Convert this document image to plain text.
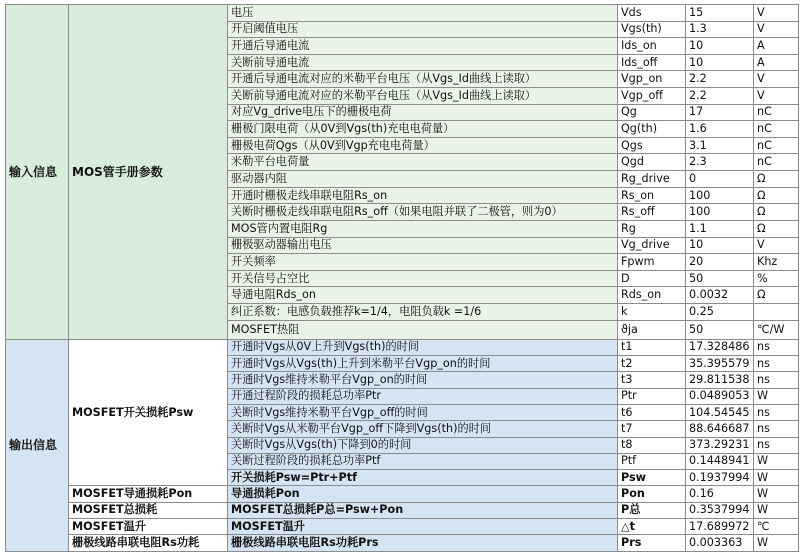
输入信息	MOS管手册参数	电压	Vds	15	V
		开启阈值电压	Vgs(th)	1.3	V
		开通后导通电流	Ids_on	10	A
		关断前导通电流	Ids_off	10	A
		开通后导通电流对应的米勒平台电压（从Vgs_Id曲线上读取）	Vgp_on	2.2	V
		关断前导通电流对应的米勒平台电压（从Vgs_Id曲线上读取）	Vgp_off	2.2	V
		对应Vg_drive电压下的栅极电荷	Qg	17	nC
		栅极门限电荷（从0V到Vgs(th)充电电荷量）	Qg(th)	1.6	nC
		栅极电荷Qgs（从0V到Vgp充电电荷量）	Qgs	3.1	nC
		米勒平台电荷量	Qgd	2.3	nC
		驱动器内阻	Rg_drive	0	Ω
		开通时栅极走线串联电阻Rs_on	Rs_on	100	Ω
		关断时栅极走线串联电阻Rs_off（如果电阻并联了二极管，则为0）	Rs_off	100	Ω
		MOS管内置电阻Rg	Rg	1.1	Ω
		栅极驱动器输出电压	Vg_drive	10	V
		开关频率	Fpwm	20	Khz
		开关信号占空比	D	50	%
		导通电阻Rds_on	Rds_on	0.0032	Ω
		纠正系数：电感负载推荐k=1/4，电阻负载k =1/6	k	0.25	
		MOSFET热阻	ϑja	50	℃/W
输出信息	MOSFET开关损耗Psw	开通时Vgs从0V上升到Vgs(th)的时间	t1	17.328486	ns
		开通时Vgs从Vgs(th)上升到米勒平台Vgp_on的时间	t2	35.395579	ns
		开通时Vgs维持米勒平台Vgp_on的时间	t3	29.811538	ns
		开通过程阶段的损耗总功率Ptr	Ptr	0.0489053	W
		关断时Vgs维持米勒平台Vgp_off的时间	t6	104.54545	ns
		关断时Vgs从米勒平台Vgp_off下降到Vgs(th)的时间	t7	88.646687	ns
		关断时Vgs从Vgs(th)下降到0的时间	t8	373.29231	ns
		关断过程阶段的损耗总功率Ptf	Ptf	0.1448941	W
		开关损耗Psw=Ptr+Ptf	Psw	0.1937994	W
	MOSFET导通损耗Pon	导通损耗Pon	Pon	0.16	W
	MOSFET总损耗	MOSFET总损耗P总=Psw+Pon	P总	0.3537994	W
	MOSFET温升	MOSFET温升	△t	17.689972	℃
	栅极线路串联电阻Rs功耗	栅极线路串联电阻Rs功耗Prs	Prs	0.003363	W
